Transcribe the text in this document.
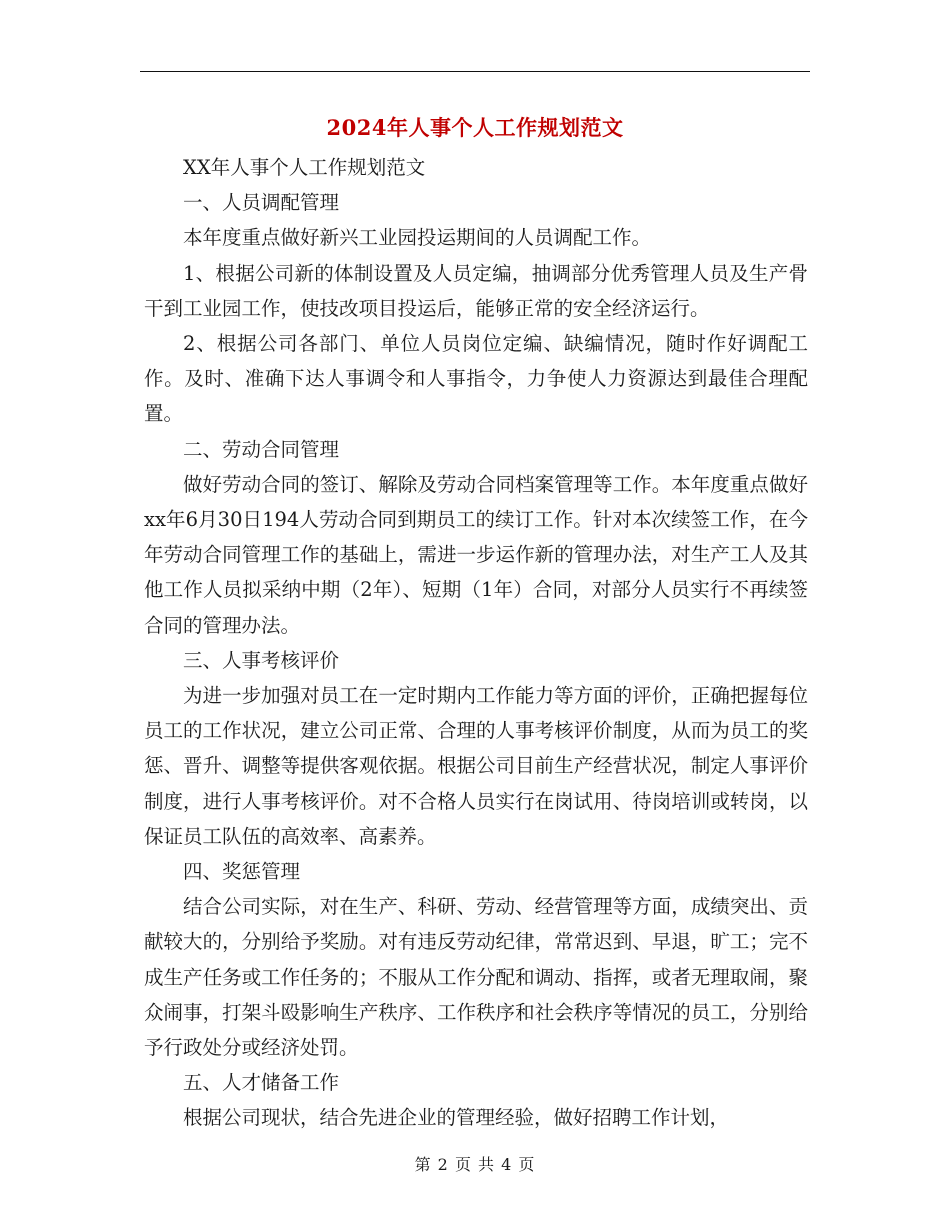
2024年人事个人工作规划范文

XX年人事个人工作规划范文

一、人员调配管理

本年度重点做好新兴工业园投运期间的人员调配工作。

1、根据公司新的体制设置及人员定编，抽调部分优秀管理人员及生产骨干到工业园工作，使技改项目投运后，能够正常的安全经济运行。

2、根据公司各部门、单位人员岗位定编、缺编情况，随时作好调配工作。及时、准确下达人事调令和人事指令，力争使人力资源达到最佳合理配置。

二、劳动合同管理

做好劳动合同的签订、解除及劳动合同档案管理等工作。本年度重点做好xx年6月30日194人劳动合同到期员工的续订工作。针对本次续签工作，在今年劳动合同管理工作的基础上，需进一步运作新的管理办法，对生产工人及其他工作人员拟采纳中期（2年）、短期（1年）合同，对部分人员实行不再续签合同的管理办法。

三、人事考核评价

为进一步加强对员工在一定时期内工作能力等方面的评价，正确把握每位员工的工作状况，建立公司正常、合理的人事考核评价制度，从而为员工的奖惩、晋升、调整等提供客观依据。根据公司目前生产经营状况，制定人事评价制度，进行人事考核评价。对不合格人员实行在岗试用、待岗培训或转岗，以保证员工队伍的高效率、高素养。

四、奖惩管理

结合公司实际，对在生产、科研、劳动、经营管理等方面，成绩突出、贡献较大的，分别给予奖励。对有违反劳动纪律，常常迟到、早退，旷工；完不成生产任务或工作任务的；不服从工作分配和调动、指挥，或者无理取闹，聚众闹事，打架斗殴影响生产秩序、工作秩序和社会秩序等情况的员工，分别给予行政处分或经济处罚。

五、人才储备工作

根据公司现状，结合先进企业的管理经验，做好招聘工作计划，

第 2 页 共 4 页
